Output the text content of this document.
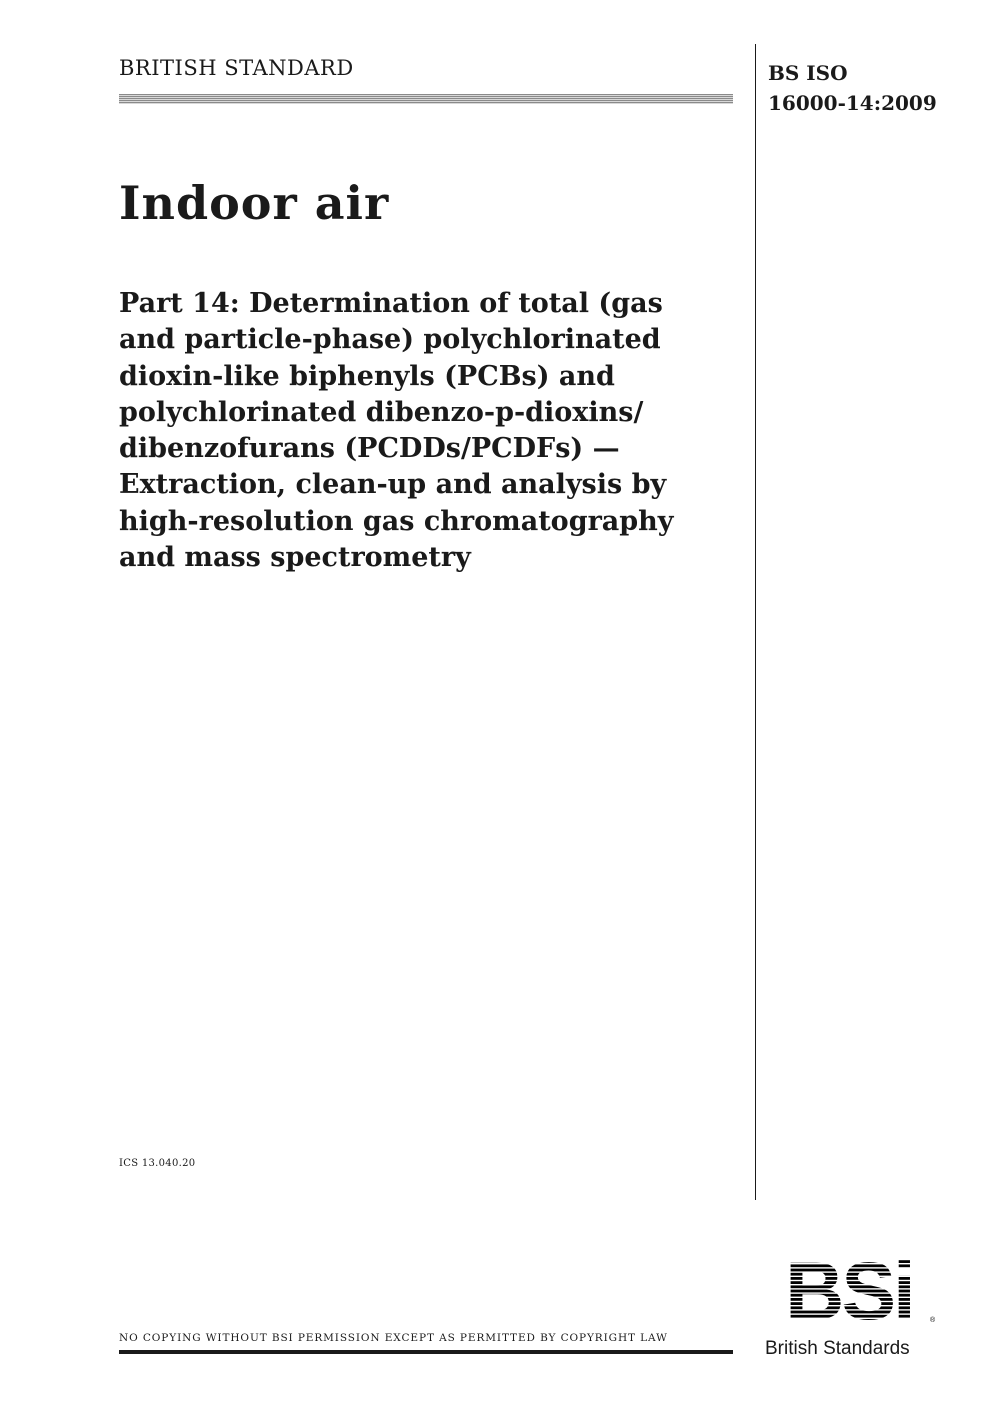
BRITISH STANDARD	BS ISO
16000-14:2009
Indoor air
Part 14: Determination of total (gas
and particle-phase) polychlorinated
dioxin-like biphenyls (PCBs) and
polychlorinated dibenzo-p-dioxins/
dibenzofurans (PCDDs/PCDFs) —
Extraction, clean-up and analysis by
high-resolution gas chromatography
and mass spectrometry
ICS 13.040.20
NO COPYING WITHOUT BSI PERMISSION EXCEPT AS PERMITTED BY COPYRIGHT LAW
BSi ®
British Standards
